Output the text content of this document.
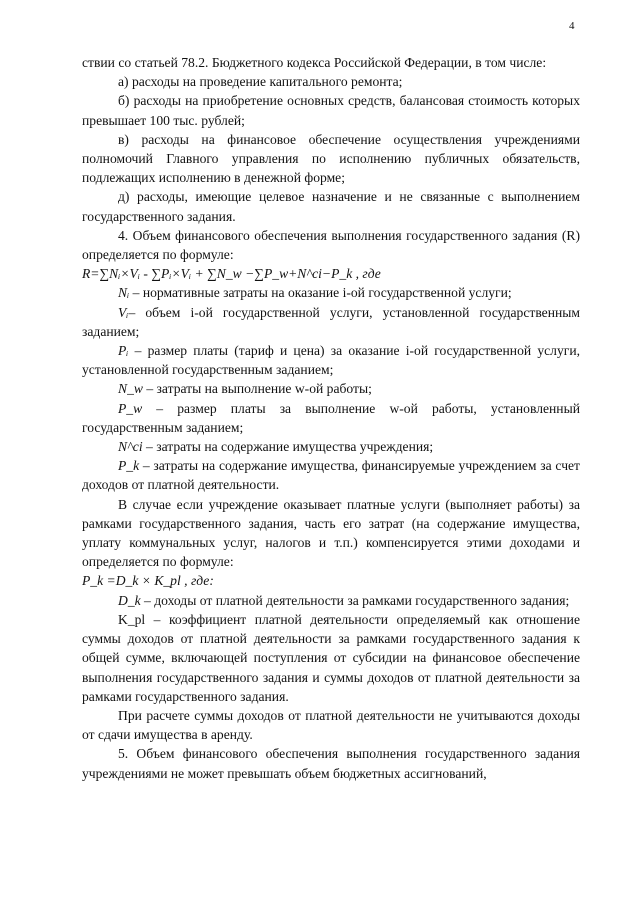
4

ствии со статьей 78.2. Бюджетного кодекса Российской Федерации, в том числе:

а) расходы на проведение капитального ремонта;

б) расходы на приобретение основных средств, балансовая стоимость которых превышает 100 тыс. рублей;

в) расходы на финансовое обеспечение осуществления учреждениями полномочий Главного управления по исполнению публичных обязательств, подлежащих исполнению в денежной форме;

д) расходы, имеющие целевое назначение и не связанные с выполнением государственного задания.

4. Объем финансового обеспечения выполнения государственного задания (R) определяется по формуле:

R=∑Nᵢ×Vᵢ - ∑Pᵢ×Vᵢ + ∑N_w −∑P_w+N^ci−P_k , где

Nᵢ – нормативные затраты на оказание i-ой государственной услуги;

Vᵢ– объем i-ой государственной услуги, установленной государственным заданием;

Pᵢ – размер платы (тариф и цена) за оказание i-ой государственной услуги, установленной государственным заданием;

N_w – затраты на выполнение w-ой работы;

P_w – размер платы за выполнение w-ой работы, установленный государственным заданием;

N^ci – затраты на содержание имущества учреждения;

P_k – затраты на содержание имущества, финансируемые учреждением за счет доходов от платной деятельности.

В случае если учреждение оказывает платные услуги (выполняет работы) за рамками государственного задания, часть его затрат (на содержание имущества, уплату коммунальных услуг, налогов и т.п.) компенсируется этими доходами и определяется по формуле:

P_k =D_k × K_pl , где:

D_k – доходы от платной деятельности за рамками государственного задания;

K_pl – коэффициент платной деятельности определяемый как отношение суммы доходов от платной деятельности за рамками государственного задания к общей сумме, включающей поступления от субсидии на финансовое обеспечение выполнения государственного задания и суммы доходов от платной деятельности за рамками государственного задания.

При расчете суммы доходов от платной деятельности не учитываются доходы от сдачи имущества в аренду.

5. Объем финансового обеспечения выполнения государственного задания учреждениями не может превышать объем бюджетных ассигнований,
